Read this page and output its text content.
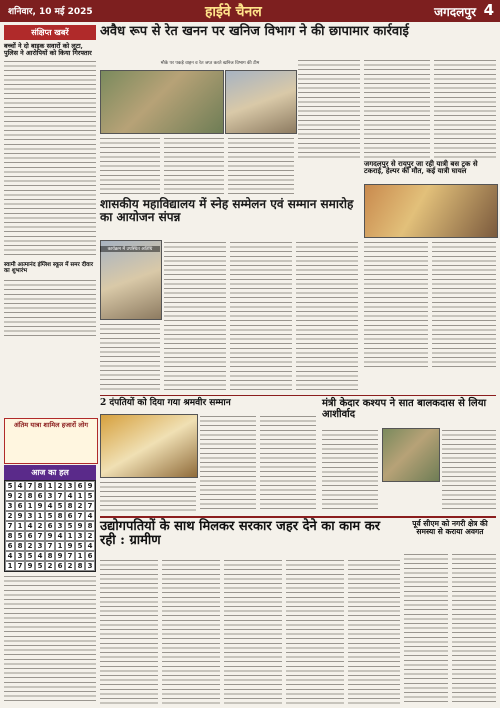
शनिवार, 10 मई 2025	हाईवे चैनल	जगदलपुर 4
संक्षिप्त खबरें
बच्चों ने दो बाइक सवारों को लूटा, पुलिस ने आरोपियों को किया गिरफ्तार
स्वामी आत्मानंद इंग्लिश स्कूल में समर दीवार का शुभारंभ
अवैध रूप से रेत खनन पर खनिज विभाग ने की छापामार कार्रवाई
मौके पर पकड़े वाहन व रेत जप्त करते खनिज विभाग की टीम
जगदलपुर से रायपुर जा रही यात्री बस ट्रक से टकराई, हेल्पर की मौत, कई यात्री घायल
शासकीय महाविद्यालय में स्नेह सम्मेलन एवं सम्मान समारोह का आयोजन संपन्न
कार्यक्रम में उपस्थित अतिथि
2 दंपतियों को दिया गया श्रमवीर सम्मान	मंत्री केदार कश्यप ने सात बालकदास से लिया आशीर्वाद
अंतिम यात्रा शामिल हजारों लोग
आज का हल
5 4 7 8 1 2 3 6 9
9 2 8 6 3 7 4 1 5
3 6 1 9 4 5 8 2 7
2 9 3 1 5 8 6 7 4
7 1 4 2 6 3 5 9 8
8 5 6 7 9 4 1 3 2
6 8 2 3 7 1 9 5 4
4 3 5 4 8 9 7 1 6
1 7 9 5 2 6 2 8 3
उद्योगपतियों के साथ मिलकर सरकार जहर देने का काम कर रही : ग्रामीण
पूर्व सीएम को नगरी क्षेत्र की समस्या से कराया अवगत
